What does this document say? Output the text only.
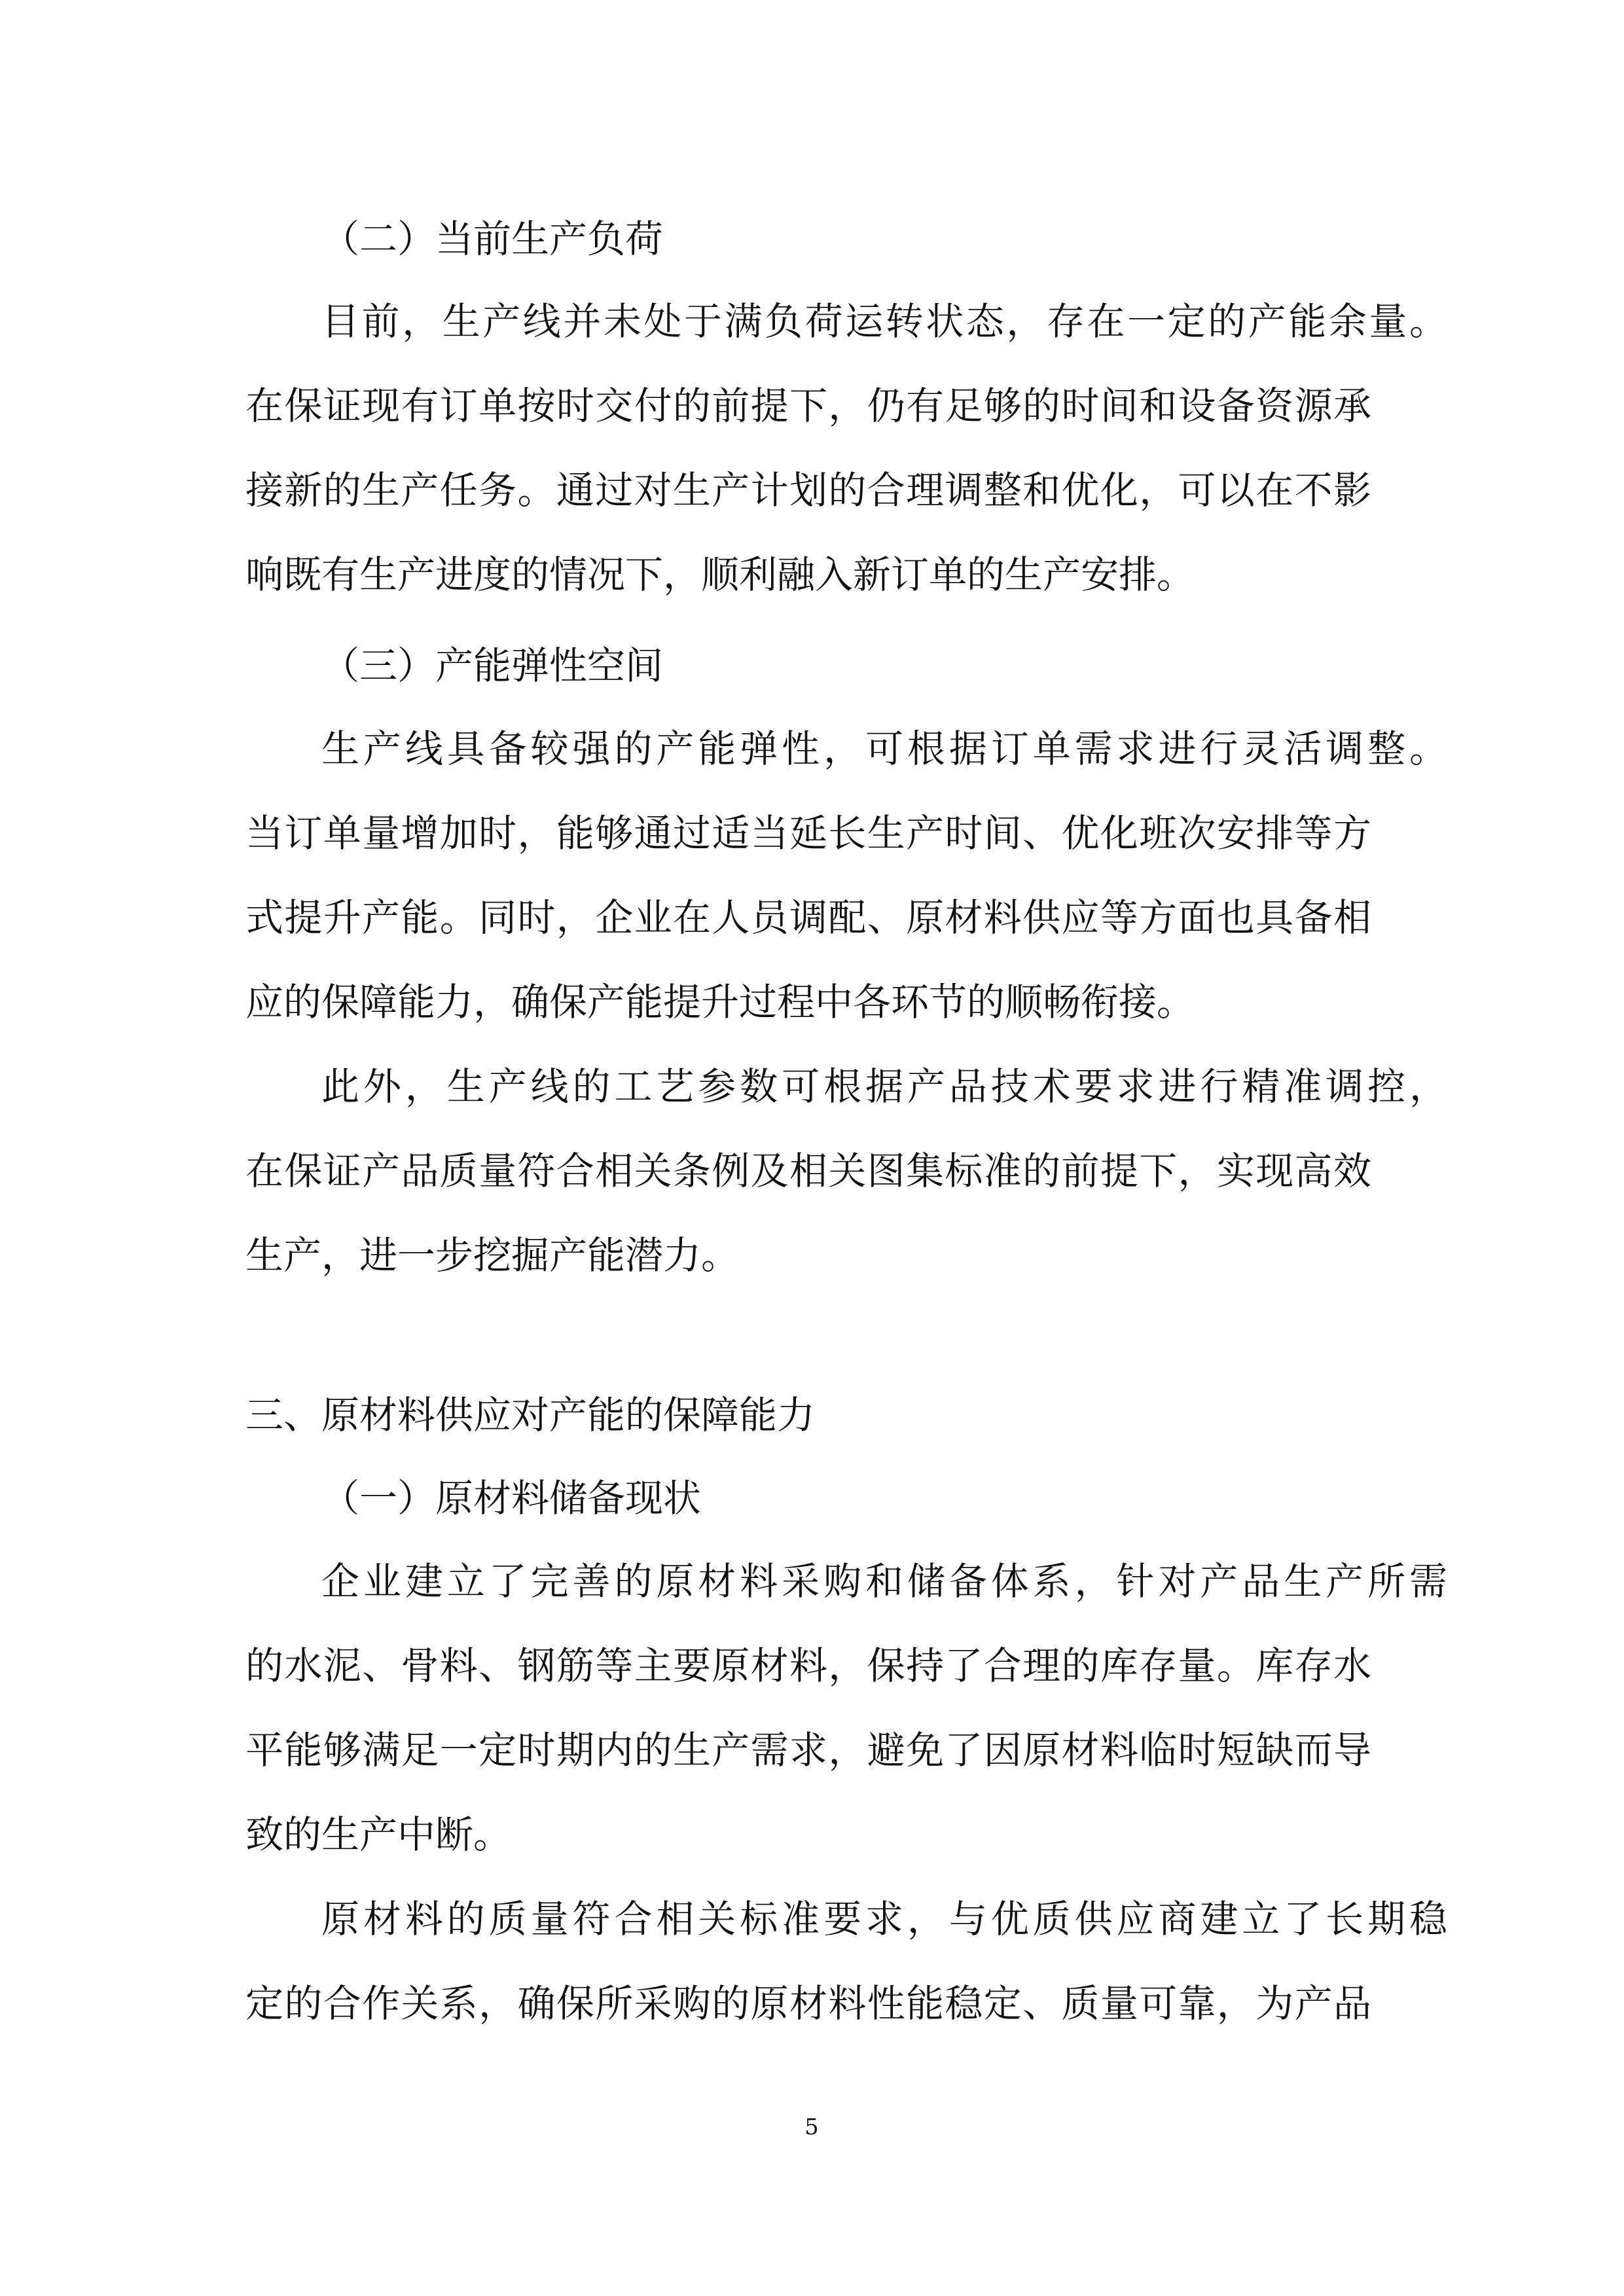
（二）当前生产负荷
目前，生产线并未处于满负荷运转状态，存在一定的产能余量。
在保证现有订单按时交付的前提下，仍有足够的时间和设备资源承
接新的生产任务。通过对生产计划的合理调整和优化，可以在不影
响既有生产进度的情况下，顺利融入新订单的生产安排。
（三）产能弹性空间
生产线具备较强的产能弹性，可根据订单需求进行灵活调整。
当订单量增加时，能够通过适当延长生产时间、优化班次安排等方
式提升产能。同时，企业在人员调配、原材料供应等方面也具备相
应的保障能力，确保产能提升过程中各环节的顺畅衔接。
此外，生产线的工艺参数可根据产品技术要求进行精准调控，
在保证产品质量符合相关条例及相关图集标准的前提下，实现高效
生产，进一步挖掘产能潜力。
三、原材料供应对产能的保障能力
（一）原材料储备现状
企业建立了完善的原材料采购和储备体系，针对产品生产所需
的水泥、骨料、钢筋等主要原材料，保持了合理的库存量。库存水
平能够满足一定时期内的生产需求，避免了因原材料临时短缺而导
致的生产中断。
原材料的质量符合相关标准要求，与优质供应商建立了长期稳
定的合作关系，确保所采购的原材料性能稳定、质量可靠，为产品
5
